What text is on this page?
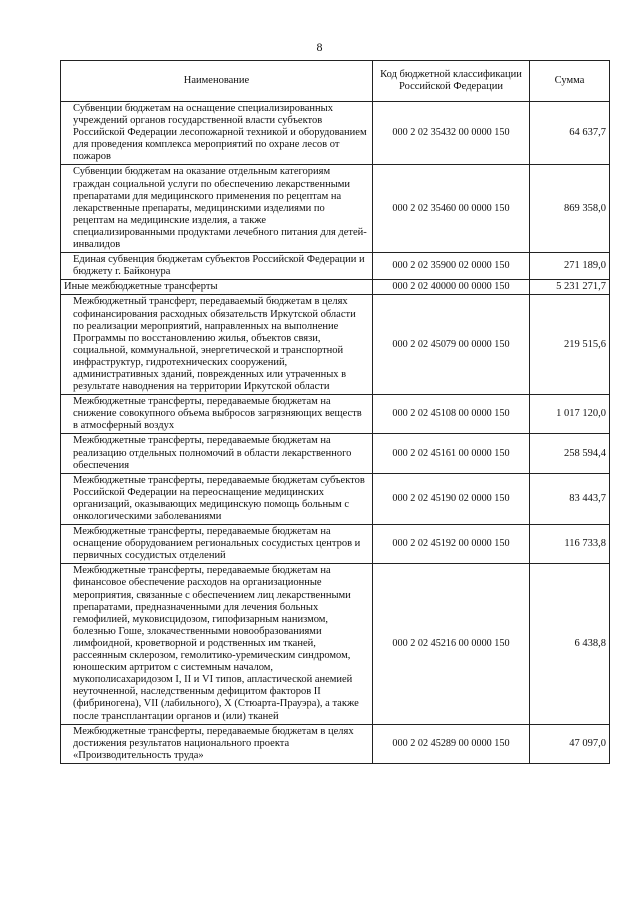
8
Наименование	Код бюджетной классификации Российской Федерации	Сумма
Субвенции бюджетам на оснащение специализированных учреждений органов государственной власти субъектов Российской Федерации лесопожарной техникой и оборудованием для проведения комплекса мероприятий по охране лесов от пожаров	000 2 02 35432 00 0000 150	64 637,7
Субвенции бюджетам на оказание отдельным категориям граждан социальной услуги по обеспечению лекарственными препаратами для медицинского применения по рецептам на лекарственные препараты, медицинскими изделиями по рецептам на медицинские изделия, а также специализированными продуктами лечебного питания для детей-инвалидов	000 2 02 35460 00 0000 150	869 358,0
Единая субвенция бюджетам субъектов Российской Федерации и бюджету г. Байконура	000 2 02 35900 02 0000 150	271 189,0
Иные межбюджетные трансферты	000 2 02 40000 00 0000 150	5 231 271,7
Межбюджетный трансферт, передаваемый бюджетам в целях софинансирования расходных обязательств Иркутской области по реализации мероприятий, направленных на выполнение Программы по восстановлению жилья, объектов связи, социальной, коммунальной, энергетической и транспортной инфраструктур, гидротехнических сооружений, административных зданий, поврежденных или утраченных в результате наводнения на территории Иркутской области	000 2 02 45079 00 0000 150	219 515,6
Межбюджетные трансферты, передаваемые бюджетам на снижение совокупного объема выбросов загрязняющих веществ в атмосферный воздух	000 2 02 45108 00 0000 150	1 017 120,0
Межбюджетные трансферты, передаваемые бюджетам на реализацию отдельных полномочий в области лекарственного обеспечения	000 2 02 45161 00 0000 150	258 594,4
Межбюджетные трансферты, передаваемые бюджетам субъектов Российской Федерации на переоснащение медицинских организаций, оказывающих медицинскую помощь больным с онкологическими заболеваниями	000 2 02 45190 02 0000 150	83 443,7
Межбюджетные трансферты, передаваемые бюджетам на оснащение оборудованием региональных сосудистых центров и первичных сосудистых отделений	000 2 02 45192 00 0000 150	116 733,8
Межбюджетные трансферты, передаваемые бюджетам на финансовое обеспечение расходов на организационные мероприятия, связанные с обеспечением лиц лекарственными препаратами, предназначенными для лечения больных гемофилией, муковисцидозом, гипофизарным нанизмом, болезнью Гоше, злокачественными новообразованиями лимфоидной, кроветворной и родственных им тканей, рассеянным склерозом, гемолитико-уремическим синдромом, юношеским артритом с системным началом, мукополисахаридозом I, II и VI типов, апластической анемией неуточненной, наследственным дефицитом факторов II (фибриногена), VII (лабильного), X (Стюарта-Прауэра), а также после трансплантации органов и (или) тканей	000 2 02 45216 00 0000 150	6 438,8
Межбюджетные трансферты, передаваемые бюджетам в целях достижения результатов национального проекта «Производительность труда»	000 2 02 45289 00 0000 150	47 097,0
